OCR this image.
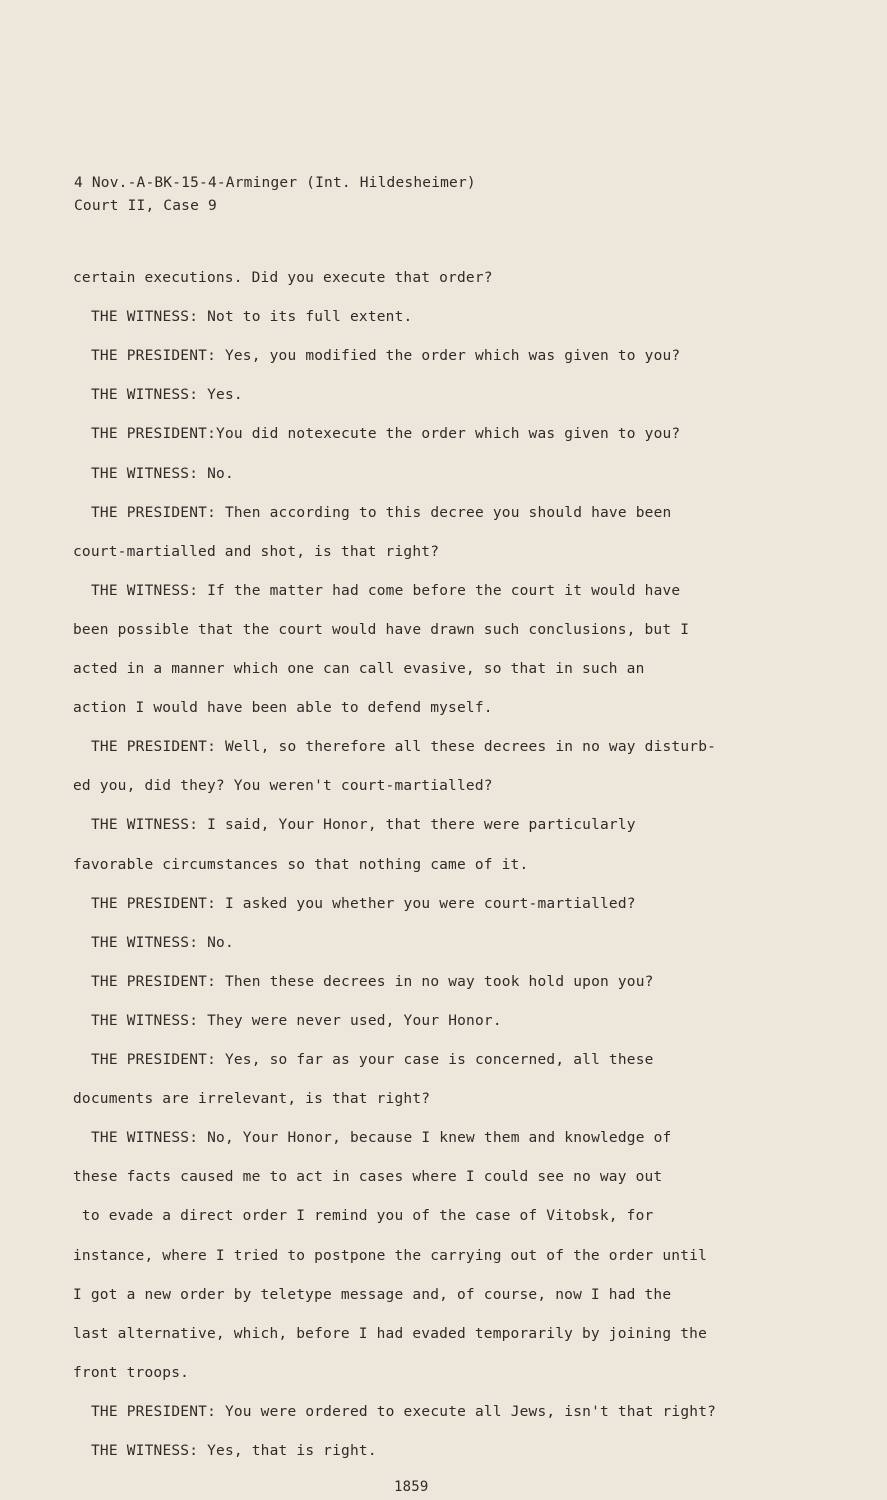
4 Nov.-A-BK-15-4-Arminger (Int. Hildesheimer)
Court II, Case 9
certain executions. Did you execute that order?
THE WITNESS: Not to its full extent.
THE PRESIDENT: Yes, you modified the order which was given to you?
THE WITNESS: Yes.
THE PRESIDENT:You did notexecute the order which was given to you?
THE WITNESS: No.
THE PRESIDENT: Then according to this decree you should have been
court-martialled and shot, is that right?
THE WITNESS: If the matter had come before the court it would have
been possible that the court would have drawn such conclusions, but I
acted in a manner which one can call evasive, so that in such an
action I would have been able to defend myself.
THE PRESIDENT: Well, so therefore all these decrees in no way disturb-
ed you, did they? You weren't court-martialled?
THE WITNESS: I said, Your Honor, that there were particularly
favorable circumstances so that nothing came of it.
THE PRESIDENT: I asked you whether you were court-martialled?
THE WITNESS: No.
THE PRESIDENT: Then these decrees in no way took hold upon you?
THE WITNESS: They were never used, Your Honor.
THE PRESIDENT: Yes, so far as your case is concerned, all these
documents are irrelevant, is that right?
THE WITNESS: No, Your Honor, because I knew them and knowledge of
these facts caused me to act in cases where I could see no way out
to evade a direct order I remind you of the case of Vitobsk, for
instance, where I tried to postpone the carrying out of the order until
I got a new order by teletype message and, of course, now I had the
last alternative, which, before I had evaded temporarily by joining the
front troops.
THE PRESIDENT: You were ordered to execute all Jews, isn't that right?
THE WITNESS: Yes, that is right.
1859
